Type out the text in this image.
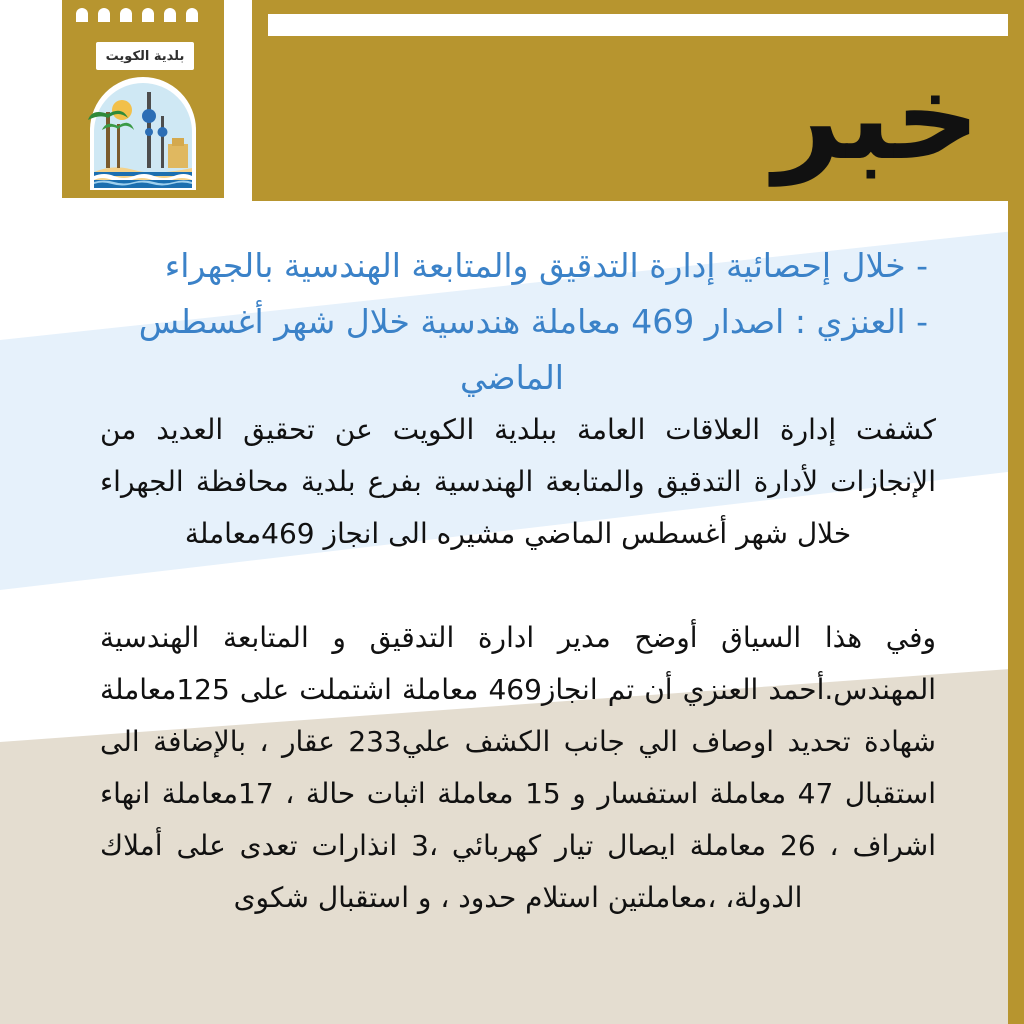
خبر
بلدية الكويت
- خلال إحصائية إدارة التدقيق والمتابعة الهندسية بالجهراء
- العنزي : اصدار 469 معاملة هندسية خلال شهر أغسطس
الماضي

كشفت إدارة العلاقات العامة ببلدية الكويت عن تحقيق العديد من الإنجازات لأدارة التدقيق والمتابعة الهندسية بفرع بلدية محافظة الجهراء خلال شهر أغسطس الماضي مشيره الى انجاز 469معاملة

وفي هذا السياق أوضح مدير ادارة التدقيق و المتابعة الهندسية المهندس.أحمد العنزي أن تم انجاز469 معاملة اشتملت على 125معاملة شهادة تحديد اوصاف الي جانب الكشف علي233 عقار ، بالإضافة الى استقبال 47 معاملة استفسار و 15 معاملة اثبات حالة ، 17معاملة انهاء اشراف ، 26 معاملة ايصال تيار كهربائي ،3 انذارات تعدى على أملاك الدولة، ،معاملتين استلام حدود ، و استقبال شكوى
